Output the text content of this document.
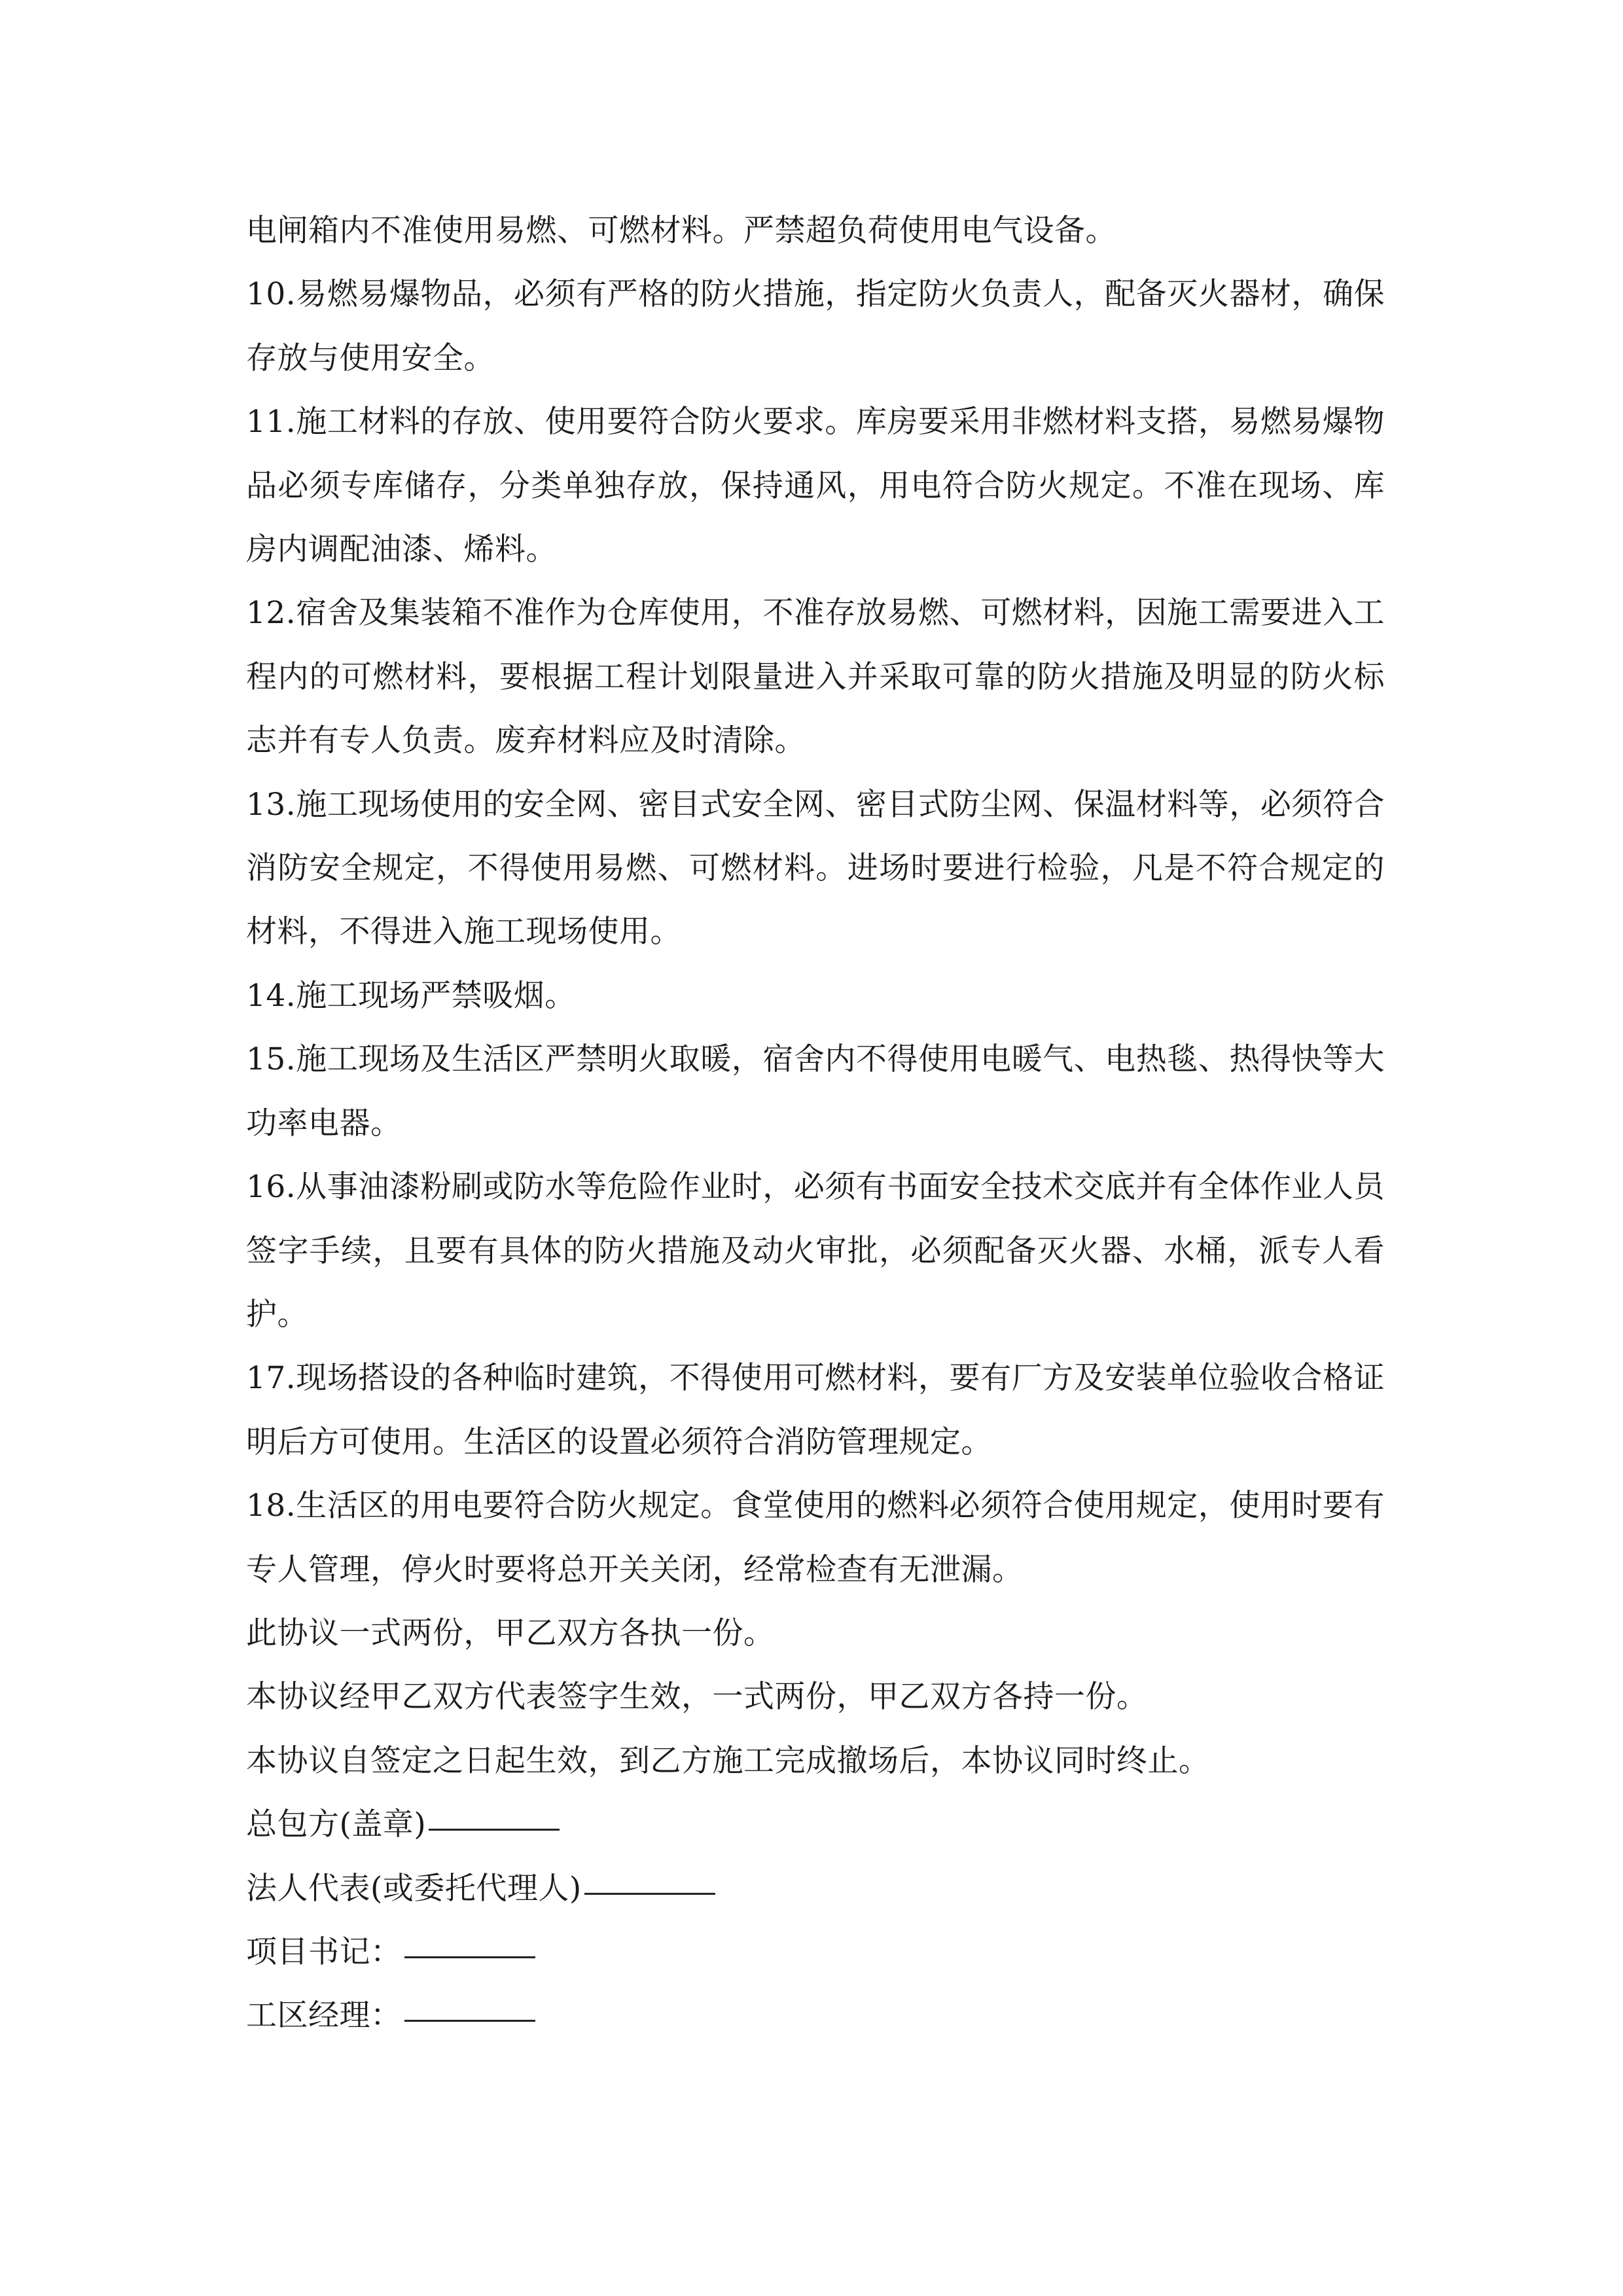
电闸箱内不准使用易燃、可燃材料。严禁超负荷使用电气设备。

10.易燃易爆物品，必须有严格的防火措施，指定防火负责人，配备灭火器材，确保存放与使用安全。

11.施工材料的存放、使用要符合防火要求。库房要采用非燃材料支搭，易燃易爆物品必须专库储存，分类单独存放，保持通风，用电符合防火规定。不准在现场、库房内调配油漆、烯料。

12.宿舍及集装箱不准作为仓库使用，不准存放易燃、可燃材料，因施工需要进入工程内的可燃材料，要根据工程计划限量进入并采取可靠的防火措施及明显的防火标志并有专人负责。废弃材料应及时清除。

13.施工现场使用的安全网、密目式安全网、密目式防尘网、保温材料等，必须符合消防安全规定，不得使用易燃、可燃材料。进场时要进行检验，凡是不符合规定的材料，不得进入施工现场使用。

14.施工现场严禁吸烟。

15.施工现场及生活区严禁明火取暖，宿舍内不得使用电暖气、电热毯、热得快等大功率电器。

16.从事油漆粉刷或防水等危险作业时，必须有书面安全技术交底并有全体作业人员签字手续，且要有具体的防火措施及动火审批，必须配备灭火器、水桶，派专人看护。

17.现场搭设的各种临时建筑，不得使用可燃材料，要有厂方及安装单位验收合格证明后方可使用。生活区的设置必须符合消防管理规定。

18.生活区的用电要符合防火规定。食堂使用的燃料必须符合使用规定，使用时要有专人管理，停火时要将总开关关闭，经常检查有无泄漏。

此协议一式两份，甲乙双方各执一份。

本协议经甲乙双方代表签字生效，一式两份，甲乙双方各持一份。

本协议自签定之日起生效，到乙方施工完成撤场后，本协议同时终止。

总包方(盖章)

法人代表(或委托代理人)

项目书记：

工区经理：
